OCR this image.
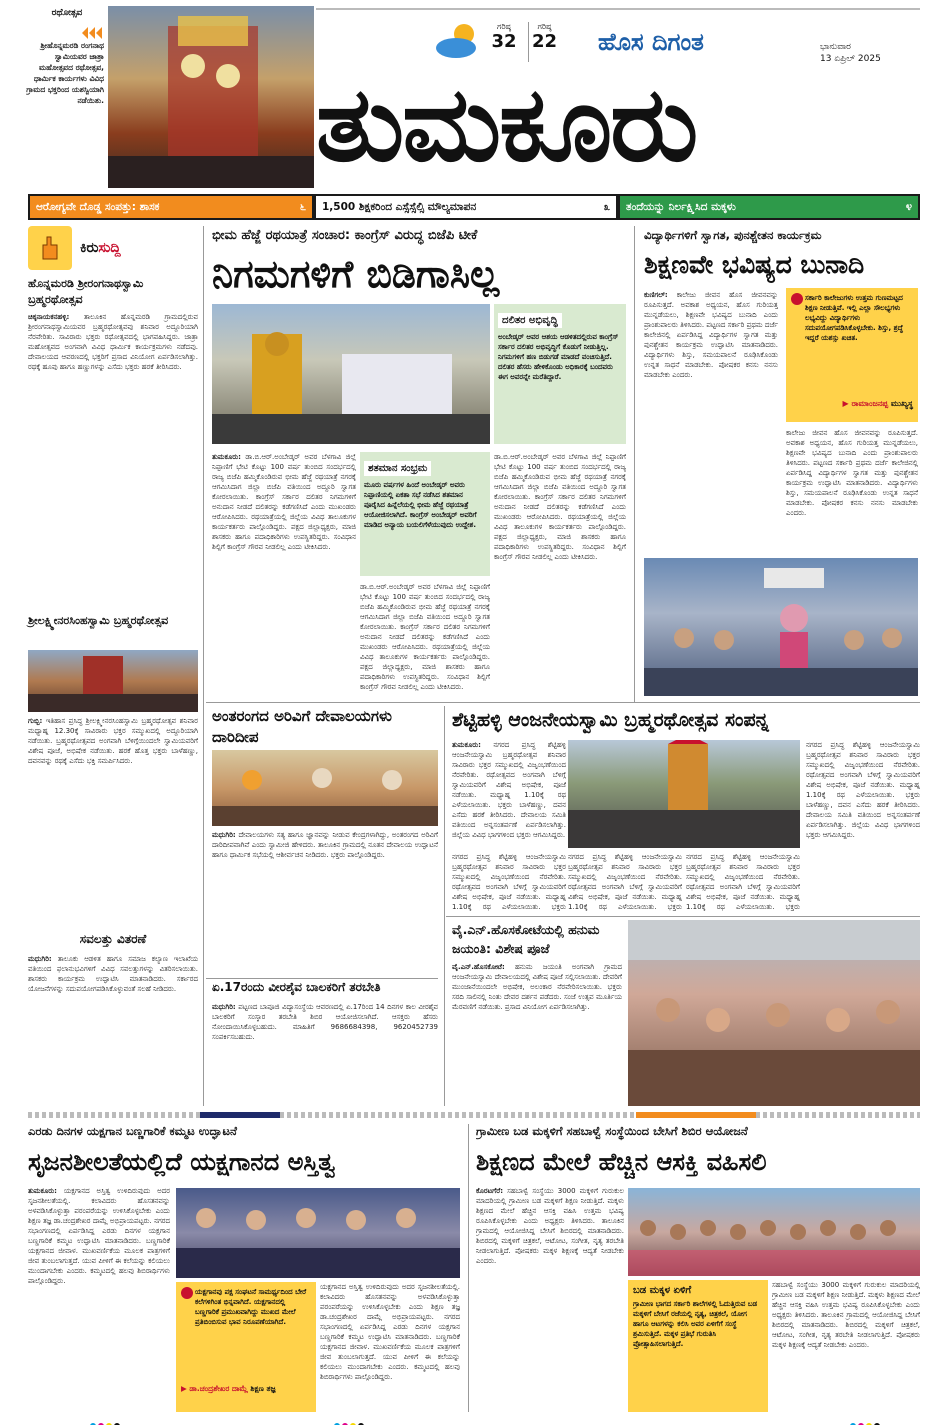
ರಥೋತ್ಸವ
ಶ್ರೀಹೊನ್ನಮರಡಿ ರಂಗನಾಥ ಸ್ವಾಮಿಯವರ ಜಾತ್ರಾ ಮಹೋತ್ಸವದ ರಥೋತ್ಸವ, ಧಾರ್ಮಿಕ ಕಾರ್ಯಗಳು ವಿವಿಧ ಗ್ರಾಮದ ಭಕ್ತರಿಂದ ಯಶಸ್ವಿಯಾಗಿ ನಡೆಯಿತು.
ಗರಿಷ್ಠ
32
ಗರಿಷ್ಠ
22 ಹೊಸ ದಿಗಂತ	ಭಾನುವಾರ
13 ಏಪ್ರಿಲ್ 2025
ತುಮಕೂರು
ಆರೋಗ್ಯವೇ ದೊಡ್ಡ ಸಂಪತ್ತು: ಶಾಸಕ	೬ 1,500 ಶಿಕ್ಷಕರಿಂದ ಎಸ್ಸೆಸ್ಸೆಲ್ಸಿ ಮೌಲ್ಯಮಾಪನ	೩ ತಂದೆಯನ್ನು ನಿರ್ಲಕ್ಷ್ಯಿಸಿದ ಮಕ್ಕಳು	೪
ಕಿರು ಸುದ್ದಿ
ಹೊನ್ನಮರಡಿ ಶ್ರೀರಂಗನಾಥಸ್ವಾಮಿ ಬ್ರಹ್ಮರಥೋತ್ಸವ
ಚಿಕ್ಕನಾಯಕನಹಳ್ಳಿ: ತಾಲೂಕಿನ ಹೊನ್ನಮರಡಿ ಗ್ರಾಮದಲ್ಲಿರುವ ಶ್ರೀರಂಗನಾಥಸ್ವಾಮಿಯವರ ಬ್ರಹ್ಮರಥೋತ್ಸವವು ಶನಿವಾರ ಅದ್ದೂರಿಯಾಗಿ ನೆರವೇರಿತು. ಸಾವಿರಾರು ಭಕ್ತರು ರಥೋತ್ಸವದಲ್ಲಿ ಭಾಗವಹಿಸಿದ್ದರು. ಜಾತ್ರಾ ಮಹೋತ್ಸವದ ಅಂಗವಾಗಿ ವಿವಿಧ ಧಾರ್ಮಿಕ ಕಾರ್ಯಕ್ರಮಗಳು ನಡೆದವು. ದೇವಾಲಯದ ಆವರಣದಲ್ಲಿ ಭಕ್ತರಿಗೆ ಪ್ರಸಾದ ವಿನಿಯೋಗ ಏರ್ಪಡಿಸಲಾಗಿತ್ತು. ರಥಕ್ಕೆ ಹೂವು ಹಾಗೂ ಹಣ್ಣುಗಳನ್ನು ಎಸೆದು ಭಕ್ತರು ಹರಕೆ ತೀರಿಸಿದರು.
ಶ್ರೀಲಕ್ಷ್ಮೀನರಸಿಂಹಸ್ವಾಮಿ ಬ್ರಹ್ಮರಥೋತ್ಸವ
ಗುಬ್ಬಿ: ಇತಿಹಾಸ ಪ್ರಸಿದ್ಧ ಶ್ರೀಲಕ್ಷ್ಮೀನರಸಿಂಹಸ್ವಾಮಿ ಬ್ರಹ್ಮರಥೋತ್ಸವ ಶನಿವಾರ ಮಧ್ಯಾಹ್ನ 12.30ಕ್ಕೆ ಸಾವಿರಾರು ಭಕ್ತರ ಸಮ್ಮುಖದಲ್ಲಿ ಅದ್ದೂರಿಯಾಗಿ ನಡೆಯಿತು. ಬ್ರಹ್ಮರಥೋತ್ಸವದ ಅಂಗವಾಗಿ ಬೆಳಿಗ್ಗೆಯಿಂದಲೇ ಸ್ವಾಮಿಯವರಿಗೆ ವಿಶೇಷ ಪೂಜೆ, ಅಭಿಷೇಕ ನಡೆಯಿತು. ಹರಕೆ ಹೊತ್ತ ಭಕ್ತರು ಬಾಳೆಹಣ್ಣು, ದವನವನ್ನು ರಥಕ್ಕೆ ಎಸೆದು ಭಕ್ತಿ ಸಮರ್ಪಿಸಿದರು.
ಸವಲತ್ತು ವಿತರಣೆ
ಮಧುಗಿರಿ: ತಾಲೂಕು ಆಡಳಿತ ಹಾಗೂ ಸಮಾಜ ಕಲ್ಯಾಣ ಇಲಾಖೆಯ ವತಿಯಿಂದ ಫಲಾನುಭವಿಗಳಿಗೆ ವಿವಿಧ ಸವಲತ್ತುಗಳನ್ನು ವಿತರಿಸಲಾಯಿತು. ಶಾಸಕರು ಕಾರ್ಯಕ್ರಮ ಉದ್ಘಾಟಿಸಿ ಮಾತನಾಡಿದರು. ಸರ್ಕಾರದ ಯೋಜನೆಗಳನ್ನು ಸದುಪಯೋಗಪಡಿಸಿಕೊಳ್ಳುವಂತೆ ಸಲಹೆ ನೀಡಿದರು.
ಭೀಮ ಹೆಜ್ಜೆ ರಥಯಾತ್ರೆ ಸಂಚಾರ: ಕಾಂಗ್ರೆಸ್ ವಿರುದ್ಧ ಬಿಜೆಪಿ ಟೀಕೆ
ನಿಗಮಗಳಿಗೆ ಬಿಡಿಗಾಸಿಲ್ಲ
ದಲಿತರ ಅಭಿವೃದ್ಧಿ
ಅಂಬೇಡ್ಕರ್ ಆವರ ಆಶಯ ಆಡಳಿತದಲ್ಲಿರುವ ಕಾಂಗ್ರೆಸ್ ಸರ್ಕಾರ ದಲಿತರ ಅಭಿವೃದ್ಧಿಗೆ ಕೊಡುಗೆ ನೀಡುತ್ತಿಲ್ಲ. ನಿಗಮಗಳಿಗೆ ಹಣ ಬಿಡುಗಡೆ ಮಾಡದೆ ವಂಚಿಸುತ್ತಿದೆ. ದಲಿತರ ಹೆಸರು ಹೇಳಿಕೊಂಡು ಅಧಿಕಾರಕ್ಕೆ ಬಂದವರು ಈಗ ಅವರನ್ನೇ ಮರೆತಿದ್ದಾರೆ.
ಶತಮಾನ ಸಂಭ್ರಮ
ಮೂರು ವರ್ಷಗಳ ಹಿಂದೆ ಅಂಬೇಡ್ಕರ್ ಅವರು ನಿಪ್ಪಾಣಿಯಲ್ಲಿ ಏಕತಾ ಸಭೆ ನಡೆಸಿದ ಶತಮಾನ ಪೂರೈಸಿದ ಹಿನ್ನೆಲೆಯಲ್ಲಿ ಭೀಮ ಹೆಜ್ಜೆ ರಥಯಾತ್ರೆ ಆಯೋಜಿಸಲಾಗಿದೆ. ಕಾಂಗ್ರೆಸ್ ಅಂಬೇಡ್ಕರ್ ಅವರಿಗೆ ಮಾಡಿದ ಅನ್ಯಾಯ ಬಯಲಿಗೆಳೆಯುವುದು ಉದ್ದೇಶ.
ತುಮಕೂರು: ಡಾ.ಬಿ.ಆರ್.ಅಂಬೇಡ್ಕರ್ ಅವರ ಬೆಳಗಾವಿ ಜಿಲ್ಲೆ ನಿಪ್ಪಾಣಿಗೆ ಭೇಟಿ ಕೊಟ್ಟು 100 ವರ್ಷ ತುಂಬಿದ ಸಂದರ್ಭದಲ್ಲಿ ರಾಜ್ಯ ಬಿಜೆಪಿ ಹಮ್ಮಿಕೊಂಡಿರುವ ಭೀಮ ಹೆಜ್ಜೆ ರಥಯಾತ್ರೆ ನಗರಕ್ಕೆ ಆಗಮಿಸಿದಾಗ ಜಿಲ್ಲಾ ಬಿಜೆಪಿ ವತಿಯಿಂದ ಅದ್ದೂರಿ ಸ್ವಾಗತ ಕೋರಲಾಯಿತು. ಕಾಂಗ್ರೆಸ್ ಸರ್ಕಾರ ದಲಿತರ ನಿಗಮಗಳಿಗೆ ಅನುದಾನ ನೀಡದೆ ದಲಿತರನ್ನು ಕಡೆಗಣಿಸಿದೆ ಎಂದು ಮುಖಂಡರು ಆರೋಪಿಸಿದರು. ರಥಯಾತ್ರೆಯಲ್ಲಿ ಜಿಲ್ಲೆಯ ವಿವಿಧ ತಾಲೂಕುಗಳ ಕಾರ್ಯಕರ್ತರು ಪಾಲ್ಗೊಂಡಿದ್ದರು. ಪಕ್ಷದ ಜಿಲ್ಲಾಧ್ಯಕ್ಷರು, ಮಾಜಿ ಶಾಸಕರು ಹಾಗೂ ಪದಾಧಿಕಾರಿಗಳು ಉಪಸ್ಥಿತರಿದ್ದರು. ಸಂವಿಧಾನ ಶಿಲ್ಪಿಗೆ ಕಾಂಗ್ರೆಸ್ ಗೌರವ ನೀಡಲಿಲ್ಲ ಎಂದು ಟೀಕಿಸಿದರು.
ಡಾ.ಬಿ.ಆರ್.ಅಂಬೇಡ್ಕರ್ ಅವರ ಬೆಳಗಾವಿ ಜಿಲ್ಲೆ ನಿಪ್ಪಾಣಿಗೆ ಭೇಟಿ ಕೊಟ್ಟು 100 ವರ್ಷ ತುಂಬಿದ ಸಂದರ್ಭದಲ್ಲಿ ರಾಜ್ಯ ಬಿಜೆಪಿ ಹಮ್ಮಿಕೊಂಡಿರುವ ಭೀಮ ಹೆಜ್ಜೆ ರಥಯಾತ್ರೆ ನಗರಕ್ಕೆ ಆಗಮಿಸಿದಾಗ ಜಿಲ್ಲಾ ಬಿಜೆಪಿ ವತಿಯಿಂದ ಅದ್ದೂರಿ ಸ್ವಾಗತ ಕೋರಲಾಯಿತು. ಕಾಂಗ್ರೆಸ್ ಸರ್ಕಾರ ದಲಿತರ ನಿಗಮಗಳಿಗೆ ಅನುದಾನ ನೀಡದೆ ದಲಿತರನ್ನು ಕಡೆಗಣಿಸಿದೆ ಎಂದು ಮುಖಂಡರು ಆರೋಪಿಸಿದರು. ರಥಯಾತ್ರೆಯಲ್ಲಿ ಜಿಲ್ಲೆಯ ವಿವಿಧ ತಾಲೂಕುಗಳ ಕಾರ್ಯಕರ್ತರು ಪಾಲ್ಗೊಂಡಿದ್ದರು. ಪಕ್ಷದ ಜಿಲ್ಲಾಧ್ಯಕ್ಷರು, ಮಾಜಿ ಶಾಸಕರು ಹಾಗೂ ಪದಾಧಿಕಾರಿಗಳು ಉಪಸ್ಥಿತರಿದ್ದರು. ಸಂವಿಧಾನ ಶಿಲ್ಪಿಗೆ ಕಾಂಗ್ರೆಸ್ ಗೌರವ ನೀಡಲಿಲ್ಲ ಎಂದು ಟೀಕಿಸಿದರು.
ಡಾ.ಬಿ.ಆರ್.ಅಂಬೇಡ್ಕರ್ ಅವರ ಬೆಳಗಾವಿ ಜಿಲ್ಲೆ ನಿಪ್ಪಾಣಿಗೆ ಭೇಟಿ ಕೊಟ್ಟು 100 ವರ್ಷ ತುಂಬಿದ ಸಂದರ್ಭದಲ್ಲಿ ರಾಜ್ಯ ಬಿಜೆಪಿ ಹಮ್ಮಿಕೊಂಡಿರುವ ಭೀಮ ಹೆಜ್ಜೆ ರಥಯಾತ್ರೆ ನಗರಕ್ಕೆ ಆಗಮಿಸಿದಾಗ ಜಿಲ್ಲಾ ಬಿಜೆಪಿ ವತಿಯಿಂದ ಅದ್ದೂರಿ ಸ್ವಾಗತ ಕೋರಲಾಯಿತು. ಕಾಂಗ್ರೆಸ್ ಸರ್ಕಾರ ದಲಿತರ ನಿಗಮಗಳಿಗೆ ಅನುದಾನ ನೀಡದೆ ದಲಿತರನ್ನು ಕಡೆಗಣಿಸಿದೆ ಎಂದು ಮುಖಂಡರು ಆರೋಪಿಸಿದರು. ರಥಯಾತ್ರೆಯಲ್ಲಿ ಜಿಲ್ಲೆಯ ವಿವಿಧ ತಾಲೂಕುಗಳ ಕಾರ್ಯಕರ್ತರು ಪಾಲ್ಗೊಂಡಿದ್ದರು. ಪಕ್ಷದ ಜಿಲ್ಲಾಧ್ಯಕ್ಷರು, ಮಾಜಿ ಶಾಸಕರು ಹಾಗೂ ಪದಾಧಿಕಾರಿಗಳು ಉಪಸ್ಥಿತರಿದ್ದರು. ಸಂವಿಧಾನ ಶಿಲ್ಪಿಗೆ ಕಾಂಗ್ರೆಸ್ ಗೌರವ ನೀಡಲಿಲ್ಲ ಎಂದು ಟೀಕಿಸಿದರು.
ವಿದ್ಯಾರ್ಥಿಗಳಿಗೆ ಸ್ವಾಗತ, ಪುನಶ್ಚೇತನ ಕಾರ್ಯಕ್ರಮ
ಶಿಕ್ಷಣವೇ ಭವಿಷ್ಯದ ಬುನಾದಿ
ಕುಣಿಗಲ್: ಕಾಲೇಜು ಜೀವನ ಹೊಸ ಜೀವನವನ್ನು ರೂಪಿಸುತ್ತದೆ. ಅವಕಾಶ ಅಧ್ಯಯನ, ಹೊಸ ಗುರಿಯತ್ತ ಮುನ್ನಡೆಯಲು, ಶಿಕ್ಷಣವೇ ಭವಿಷ್ಯದ ಬುನಾದಿ ಎಂದು ಪ್ರಾಂಶುಪಾಲರು ತಿಳಿಸಿದರು. ಪಟ್ಟಣದ ಸರ್ಕಾರಿ ಪ್ರಥಮ ದರ್ಜೆ ಕಾಲೇಜಿನಲ್ಲಿ ಏರ್ಪಡಿಸಿದ್ದ ವಿದ್ಯಾರ್ಥಿಗಳ ಸ್ವಾಗತ ಮತ್ತು ಪುನಶ್ಚೇತನ ಕಾರ್ಯಕ್ರಮ ಉದ್ಘಾಟಿಸಿ ಮಾತನಾಡಿದರು. ವಿದ್ಯಾರ್ಥಿಗಳು ಶಿಸ್ತು, ಸಮಯಪಾಲನೆ ರೂಢಿಸಿಕೊಂಡು ಉನ್ನತ ಸಾಧನೆ ಮಾಡಬೇಕು. ಪೋಷಕರ ಕನಸು ನನಸು ಮಾಡಬೇಕು ಎಂದರು.
ಸರ್ಕಾರಿ ಕಾಲೇಜುಗಳು ಉತ್ತಮ ಗುಣಮಟ್ಟದ ಶಿಕ್ಷಣ ನೀಡುತ್ತಿವೆ. ಇಲ್ಲಿ ಎಲ್ಲಾ ಸೌಲಭ್ಯಗಳು ಲಭ್ಯವಿದ್ದು ವಿದ್ಯಾರ್ಥಿಗಳು ಸದುಪಯೋಗಪಡಿಸಿಕೊಳ್ಳಬೇಕು. ಶಿಸ್ತು, ಶ್ರದ್ಧೆ ಇದ್ದರೆ ಯಶಸ್ಸು ಖಚಿತ.
▶ ರಾಮಾಂಜನಪ್ಪ ಮುಖ್ಯಸ್ಥ
ಕಾಲೇಜು ಜೀವನ ಹೊಸ ಜೀವನವನ್ನು ರೂಪಿಸುತ್ತದೆ. ಅವಕಾಶ ಅಧ್ಯಯನ, ಹೊಸ ಗುರಿಯತ್ತ ಮುನ್ನಡೆಯಲು, ಶಿಕ್ಷಣವೇ ಭವಿಷ್ಯದ ಬುನಾದಿ ಎಂದು ಪ್ರಾಂಶುಪಾಲರು ತಿಳಿಸಿದರು. ಪಟ್ಟಣದ ಸರ್ಕಾರಿ ಪ್ರಥಮ ದರ್ಜೆ ಕಾಲೇಜಿನಲ್ಲಿ ಏರ್ಪಡಿಸಿದ್ದ ವಿದ್ಯಾರ್ಥಿಗಳ ಸ್ವಾಗತ ಮತ್ತು ಪುನಶ್ಚೇತನ ಕಾರ್ಯಕ್ರಮ ಉದ್ಘಾಟಿಸಿ ಮಾತನಾಡಿದರು. ವಿದ್ಯಾರ್ಥಿಗಳು ಶಿಸ್ತು, ಸಮಯಪಾಲನೆ ರೂಢಿಸಿಕೊಂಡು ಉನ್ನತ ಸಾಧನೆ ಮಾಡಬೇಕು. ಪೋಷಕರ ಕನಸು ನನಸು ಮಾಡಬೇಕು ಎಂದರು.
ಅಂತರಂಗದ ಅರಿವಿಗೆ ದೇವಾಲಯಗಳು ದಾರಿದೀಪ
ಮಧುಗಿರಿ: ದೇವಾಲಯಗಳು ಸತ್ಯ ಹಾಗೂ ಜ್ಞಾನವನ್ನು ನೀಡುವ ಕೇಂದ್ರಗಳಾಗಿದ್ದು, ಅಂತರಂಗದ ಅರಿವಿಗೆ ದಾರಿದೀಪವಾಗಿವೆ ಎಂದು ಸ್ವಾಮೀಜಿ ಹೇಳಿದರು. ತಾಲೂಕಿನ ಗ್ರಾಮದಲ್ಲಿ ನೂತನ ದೇವಾಲಯ ಉದ್ಘಾಟನೆ ಹಾಗೂ ಧಾರ್ಮಿಕ ಸಭೆಯಲ್ಲಿ ಆಶೀರ್ವಚನ ನೀಡಿದರು. ಭಕ್ತರು ಪಾಲ್ಗೊಂಡಿದ್ದರು.
ಏ.17ರಂದು ವೀರಶೈವ ಬಾಲಕರಿಗೆ ತರಬೇತಿ
ಮಧುಗಿರಿ: ಪಟ್ಟಣದ ಬಾಪೂಜಿ ವಿದ್ಯಾಸಂಸ್ಥೆಯ ಆವರಣದಲ್ಲಿ ಏ.17ರಿಂದ 14 ದಿನಗಳ ಕಾಲ ವೀರಶೈವ ಬಾಲಕರಿಗೆ ಸಂಸ್ಕಾರ ತರಬೇತಿ ಶಿಬಿರ ಆಯೋಜಿಸಲಾಗಿದೆ. ಆಸಕ್ತರು ಹೆಸರು ನೋಂದಾಯಿಸಿಕೊಳ್ಳಬಹುದು. ಮಾಹಿತಿಗೆ 9686684398, 9620452739 ಸಂಪರ್ಕಿಸಬಹುದು.
ಶೆಟ್ಟಿಹಳ್ಳಿ ಆಂಜನೇಯಸ್ವಾಮಿ ಬ್ರಹ್ಮರಥೋತ್ಸವ ಸಂಪನ್ನ
ತುಮಕೂರು: ನಗರದ ಪ್ರಸಿದ್ಧ ಶೆಟ್ಟಿಹಳ್ಳಿ ಆಂಜನೇಯಸ್ವಾಮಿ ಬ್ರಹ್ಮರಥೋತ್ಸವ ಶನಿವಾರ ಸಾವಿರಾರು ಭಕ್ತರ ಸಮ್ಮುಖದಲ್ಲಿ ವಿಜೃಂಭಣೆಯಿಂದ ನೆರವೇರಿತು. ರಥೋತ್ಸವದ ಅಂಗವಾಗಿ ಬೆಳಿಗ್ಗೆ ಸ್ವಾಮಿಯವರಿಗೆ ವಿಶೇಷ ಅಭಿಷೇಕ, ಪೂಜೆ ನಡೆಯಿತು. ಮಧ್ಯಾಹ್ನ 1.10ಕ್ಕೆ ರಥ ಎಳೆಯಲಾಯಿತು. ಭಕ್ತರು ಬಾಳೆಹಣ್ಣು, ದವನ ಎಸೆದು ಹರಕೆ ತೀರಿಸಿದರು. ದೇವಾಲಯ ಸಮಿತಿ ವತಿಯಿಂದ ಅನ್ನಸಂತರ್ಪಣೆ ಏರ್ಪಡಿಸಲಾಗಿತ್ತು. ಜಿಲ್ಲೆಯ ವಿವಿಧ ಭಾಗಗಳಿಂದ ಭಕ್ತರು ಆಗಮಿಸಿದ್ದರು.
ನಗರದ ಪ್ರಸಿದ್ಧ ಶೆಟ್ಟಿಹಳ್ಳಿ ಆಂಜನೇಯಸ್ವಾಮಿ ಬ್ರಹ್ಮರಥೋತ್ಸವ ಶನಿವಾರ ಸಾವಿರಾರು ಭಕ್ತರ ಸಮ್ಮುಖದಲ್ಲಿ ವಿಜೃಂಭಣೆಯಿಂದ ನೆರವೇರಿತು. ರಥೋತ್ಸವದ ಅಂಗವಾಗಿ ಬೆಳಿಗ್ಗೆ ಸ್ವಾಮಿಯವರಿಗೆ ವಿಶೇಷ ಅಭಿಷೇಕ, ಪೂಜೆ ನಡೆಯಿತು. ಮಧ್ಯಾಹ್ನ 1.10ಕ್ಕೆ ರಥ ಎಳೆಯಲಾಯಿತು. ಭಕ್ತರು ಬಾಳೆಹಣ್ಣು, ದವನ ಎಸೆದು ಹರಕೆ ತೀರಿಸಿದರು. ದೇವಾಲಯ ಸಮಿತಿ ವತಿಯಿಂದ ಅನ್ನಸಂತರ್ಪಣೆ ಏರ್ಪಡಿಸಲಾಗಿತ್ತು. ಜಿಲ್ಲೆಯ ವಿವಿಧ ಭಾಗಗಳಿಂದ ಭಕ್ತರು ಆಗಮಿಸಿದ್ದರು.
ನಗರದ ಪ್ರಸಿದ್ಧ ಶೆಟ್ಟಿಹಳ್ಳಿ ಆಂಜನೇಯಸ್ವಾಮಿ ಬ್ರಹ್ಮರಥೋತ್ಸವ ಶನಿವಾರ ಸಾವಿರಾರು ಭಕ್ತರ ಸಮ್ಮುಖದಲ್ಲಿ ವಿಜೃಂಭಣೆಯಿಂದ ನೆರವೇರಿತು. ರಥೋತ್ಸವದ ಅಂಗವಾಗಿ ಬೆಳಿಗ್ಗೆ ಸ್ವಾಮಿಯವರಿಗೆ ವಿಶೇಷ ಅಭಿಷೇಕ, ಪೂಜೆ ನಡೆಯಿತು. ಮಧ್ಯಾಹ್ನ 1.10ಕ್ಕೆ ರಥ ಎಳೆಯಲಾಯಿತು. ಭಕ್ತರು
ನಗರದ ಪ್ರಸಿದ್ಧ ಶೆಟ್ಟಿಹಳ್ಳಿ ಆಂಜನೇಯಸ್ವಾಮಿ ಬ್ರಹ್ಮರಥೋತ್ಸವ ಶನಿವಾರ ಸಾವಿರಾರು ಭಕ್ತರ ಸಮ್ಮುಖದಲ್ಲಿ ವಿಜೃಂಭಣೆಯಿಂದ ನೆರವೇರಿತು. ರಥೋತ್ಸವದ ಅಂಗವಾಗಿ ಬೆಳಿಗ್ಗೆ ಸ್ವಾಮಿಯವರಿಗೆ ವಿಶೇಷ ಅಭಿಷೇಕ, ಪೂಜೆ ನಡೆಯಿತು. ಮಧ್ಯಾಹ್ನ 1.10ಕ್ಕೆ ರಥ ಎಳೆಯಲಾಯಿತು. ಭಕ್ತರು
ನಗರದ ಪ್ರಸಿದ್ಧ ಶೆಟ್ಟಿಹಳ್ಳಿ ಆಂಜನೇಯಸ್ವಾಮಿ ಬ್ರಹ್ಮರಥೋತ್ಸವ ಶನಿವಾರ ಸಾವಿರಾರು ಭಕ್ತರ ಸಮ್ಮುಖದಲ್ಲಿ ವಿಜೃಂಭಣೆಯಿಂದ ನೆರವೇರಿತು. ರಥೋತ್ಸವದ ಅಂಗವಾಗಿ ಬೆಳಿಗ್ಗೆ ಸ್ವಾಮಿಯವರಿಗೆ ವಿಶೇಷ ಅಭಿಷೇಕ, ಪೂಜೆ ನಡೆಯಿತು. ಮಧ್ಯಾಹ್ನ 1.10ಕ್ಕೆ ರಥ ಎಳೆಯಲಾಯಿತು. ಭಕ್ತರು
ವೈ.ಎನ್.ಹೊಸಕೋಟೆಯಲ್ಲಿ ಹನುಮ ಜಯಂತಿ: ವಿಶೇಷ ಪೂಜೆ
ವೈ.ಎನ್.ಹೊಸಕೋಟೆ: ಹನುಮ ಜಯಂತಿ ಅಂಗವಾಗಿ ಗ್ರಾಮದ ಆಂಜನೇಯಸ್ವಾಮಿ ದೇವಾಲಯದಲ್ಲಿ ವಿಶೇಷ ಪೂಜೆ ಸಲ್ಲಿಸಲಾಯಿತು. ದೇವರಿಗೆ ಮುಂಜಾನೆಯಿಂದಲೇ ಅಭಿಷೇಕ, ಅಲಂಕಾರ ನೆರವೇರಿಸಲಾಯಿತು. ಭಕ್ತರು ಸರದಿ ಸಾಲಿನಲ್ಲಿ ನಿಂತು ದೇವರ ದರ್ಶನ ಪಡೆದರು. ಸಂಜೆ ಉತ್ಸವ ಮೂರ್ತಿಯ ಮೆರವಣಿಗೆ ನಡೆಯಿತು. ಪ್ರಸಾದ ವಿನಿಯೋಗ ಏರ್ಪಡಿಸಲಾಗಿತ್ತು.
ಎರಡು ದಿನಗಳ ಯಕ್ಷಗಾನ ಬಣ್ಣಗಾರಿಕೆ ಕಮ್ಮಟ ಉದ್ಘಾಟನೆ
ಸೃಜನಶೀಲತೆಯಲ್ಲಿದೆ ಯಕ್ಷಗಾನದ ಅಸ್ತಿತ್ವ
ತುಮಕೂರು: ಯಕ್ಷಗಾನದ ಅಸ್ತಿತ್ವ ಉಳಿದಿರುವುದು ಅದರ ಸೃಜನಶೀಲತೆಯಲ್ಲಿ. ಕಲಾವಿದರು ಹೊಸತನವನ್ನು ಅಳವಡಿಸಿಕೊಳ್ಳುತ್ತಾ ಪರಂಪರೆಯನ್ನು ಉಳಿಸಿಕೊಳ್ಳಬೇಕು ಎಂದು ಶಿಕ್ಷಣ ತಜ್ಞ ಡಾ.ಚಂದ್ರಶೇಖರ ದಾಮ್ಲೆ ಅಭಿಪ್ರಾಯಪಟ್ಟರು. ನಗರದ ಸಭಾಂಗಣದಲ್ಲಿ ಏರ್ಪಡಿಸಿದ್ದ ಎರಡು ದಿನಗಳ ಯಕ್ಷಗಾನ ಬಣ್ಣಗಾರಿಕೆ ಕಮ್ಮಟ ಉದ್ಘಾಟಿಸಿ ಮಾತನಾಡಿದರು. ಬಣ್ಣಗಾರಿಕೆ ಯಕ್ಷಗಾನದ ಜೀವಾಳ. ಮುಖವರ್ಣಿಕೆಯ ಮೂಲಕ ಪಾತ್ರಗಳಿಗೆ ಜೀವ ತುಂಬಲಾಗುತ್ತದೆ. ಯುವ ಪೀಳಿಗೆ ಈ ಕಲೆಯನ್ನು ಕಲಿಯಲು ಮುಂದಾಗಬೇಕು ಎಂದರು. ಕಮ್ಮಟದಲ್ಲಿ ಹಲವು ಶಿಬಿರಾರ್ಥಿಗಳು ಪಾಲ್ಗೊಂಡಿದ್ದರು.
ಯಕ್ಷಗಾನವು ಪಕ್ಷ ಸಂಘಟನೆ ಸಾಮರ್ಥ್ಯದಿಂದ ಬೇರೆ ಕಲೆಗಳಿಗಿಂತ ಭಿನ್ನವಾಗಿದೆ. ಯಕ್ಷಗಾನದಲ್ಲಿ ಬಣ್ಣಗಾರಿಕೆ ಪ್ರಮುಖವಾಗಿದ್ದು ಮುಖದ ಮೇಲೆ ಪ್ರತಿಬಿಂಬಿಸುವ ಭಾವ ನಿರೂಪಣೆಯಾಗಿದೆ.
▶ ಡಾ.ಚಂದ್ರಶೇಖರ ದಾಮ್ಲೆ ಶಿಕ್ಷಣ ತಜ್ಞ
ಯಕ್ಷಗಾನದ ಅಸ್ತಿತ್ವ ಉಳಿದಿರುವುದು ಅದರ ಸೃಜನಶೀಲತೆಯಲ್ಲಿ. ಕಲಾವಿದರು ಹೊಸತನವನ್ನು ಅಳವಡಿಸಿಕೊಳ್ಳುತ್ತಾ ಪರಂಪರೆಯನ್ನು ಉಳಿಸಿಕೊಳ್ಳಬೇಕು ಎಂದು ಶಿಕ್ಷಣ ತಜ್ಞ ಡಾ.ಚಂದ್ರಶೇಖರ ದಾಮ್ಲೆ ಅಭಿಪ್ರಾಯಪಟ್ಟರು. ನಗರದ ಸಭಾಂಗಣದಲ್ಲಿ ಏರ್ಪಡಿಸಿದ್ದ ಎರಡು ದಿನಗಳ ಯಕ್ಷಗಾನ ಬಣ್ಣಗಾರಿಕೆ ಕಮ್ಮಟ ಉದ್ಘಾಟಿಸಿ ಮಾತನಾಡಿದರು. ಬಣ್ಣಗಾರಿಕೆ ಯಕ್ಷಗಾನದ ಜೀವಾಳ. ಮುಖವರ್ಣಿಕೆಯ ಮೂಲಕ ಪಾತ್ರಗಳಿಗೆ ಜೀವ ತುಂಬಲಾಗುತ್ತದೆ. ಯುವ ಪೀಳಿಗೆ ಈ ಕಲೆಯನ್ನು ಕಲಿಯಲು ಮುಂದಾಗಬೇಕು ಎಂದರು. ಕಮ್ಮಟದಲ್ಲಿ ಹಲವು ಶಿಬಿರಾರ್ಥಿಗಳು ಪಾಲ್ಗೊಂಡಿದ್ದರು.
ಗ್ರಾಮೀಣ ಬಡ ಮಕ್ಕಳಿಗೆ ಸಹಬಾಳ್ವೆ ಸಂಸ್ಥೆಯಿಂದ ಬೇಸಿಗೆ ಶಿಬಿರ ಆಯೋಜನೆ
ಶಿಕ್ಷಣದ ಮೇಲೆ ಹೆಚ್ಚಿನ ಆಸಕ್ತಿ ವಹಿಸಲಿ
ಕೊರಟಗೆರೆ: ಸಹಬಾಳ್ವೆ ಸಂಸ್ಥೆಯು 3000 ಮಕ್ಕಳಿಗೆ ಗುರುಕುಲ ಮಾದರಿಯಲ್ಲಿ ಗ್ರಾಮೀಣ ಬಡ ಮಕ್ಕಳಿಗೆ ಶಿಕ್ಷಣ ನೀಡುತ್ತಿದೆ. ಮಕ್ಕಳು ಶಿಕ್ಷಣದ ಮೇಲೆ ಹೆಚ್ಚಿನ ಆಸಕ್ತಿ ವಹಿಸಿ ಉತ್ತಮ ಭವಿಷ್ಯ ರೂಪಿಸಿಕೊಳ್ಳಬೇಕು ಎಂದು ಅಧ್ಯಕ್ಷರು ತಿಳಿಸಿದರು. ತಾಲೂಕಿನ ಗ್ರಾಮದಲ್ಲಿ ಆಯೋಜಿಸಿದ್ದ ಬೇಸಿಗೆ ಶಿಬಿರದಲ್ಲಿ ಮಾತನಾಡಿದರು. ಶಿಬಿರದಲ್ಲಿ ಮಕ್ಕಳಿಗೆ ಚಿತ್ರಕಲೆ, ಆಟೋಟ, ಸಂಗೀತ, ನೃತ್ಯ ತರಬೇತಿ ನೀಡಲಾಗುತ್ತಿದೆ. ಪೋಷಕರು ಮಕ್ಕಳ ಶಿಕ್ಷಣಕ್ಕೆ ಆದ್ಯತೆ ನೀಡಬೇಕು ಎಂದರು.
ಬಡ ಮಕ್ಕಳ ಏಳಿಗೆ
ಗ್ರಾಮೀಣ ಭಾಗದ ಸರ್ಕಾರಿ ಶಾಲೆಗಳಲ್ಲಿ ಓದುತ್ತಿರುವ ಬಡ ಮಕ್ಕಳಿಗೆ ಬೇಸಿಗೆ ರಜೆಯಲ್ಲಿ ನೃತ್ಯ, ಚಿತ್ರಕಲೆ, ಯೋಗ ಹಾಗೂ ಆಟಗಳನ್ನು ಕಲಿಸಿ ಅವರ ಏಳಿಗೆಗೆ ಸಂಸ್ಥೆ ಶ್ರಮಿಸುತ್ತಿದೆ. ಮಕ್ಕಳ ಪ್ರತಿಭೆ ಗುರುತಿಸಿ ಪ್ರೋತ್ಸಾಹಿಸಲಾಗುತ್ತಿದೆ.
ಸಹಬಾಳ್ವೆ ಸಂಸ್ಥೆಯು 3000 ಮಕ್ಕಳಿಗೆ ಗುರುಕುಲ ಮಾದರಿಯಲ್ಲಿ ಗ್ರಾಮೀಣ ಬಡ ಮಕ್ಕಳಿಗೆ ಶಿಕ್ಷಣ ನೀಡುತ್ತಿದೆ. ಮಕ್ಕಳು ಶಿಕ್ಷಣದ ಮೇಲೆ ಹೆಚ್ಚಿನ ಆಸಕ್ತಿ ವಹಿಸಿ ಉತ್ತಮ ಭವಿಷ್ಯ ರೂಪಿಸಿಕೊಳ್ಳಬೇಕು ಎಂದು ಅಧ್ಯಕ್ಷರು ತಿಳಿಸಿದರು. ತಾಲೂಕಿನ ಗ್ರಾಮದಲ್ಲಿ ಆಯೋಜಿಸಿದ್ದ ಬೇಸಿಗೆ ಶಿಬಿರದಲ್ಲಿ ಮಾತನಾಡಿದರು. ಶಿಬಿರದಲ್ಲಿ ಮಕ್ಕಳಿಗೆ ಚಿತ್ರಕಲೆ, ಆಟೋಟ, ಸಂಗೀತ, ನೃತ್ಯ ತರಬೇತಿ ನೀಡಲಾಗುತ್ತಿದೆ. ಪೋಷಕರು ಮಕ್ಕಳ ಶಿಕ್ಷಣಕ್ಕೆ ಆದ್ಯತೆ ನೀಡಬೇಕು ಎಂದರು.
